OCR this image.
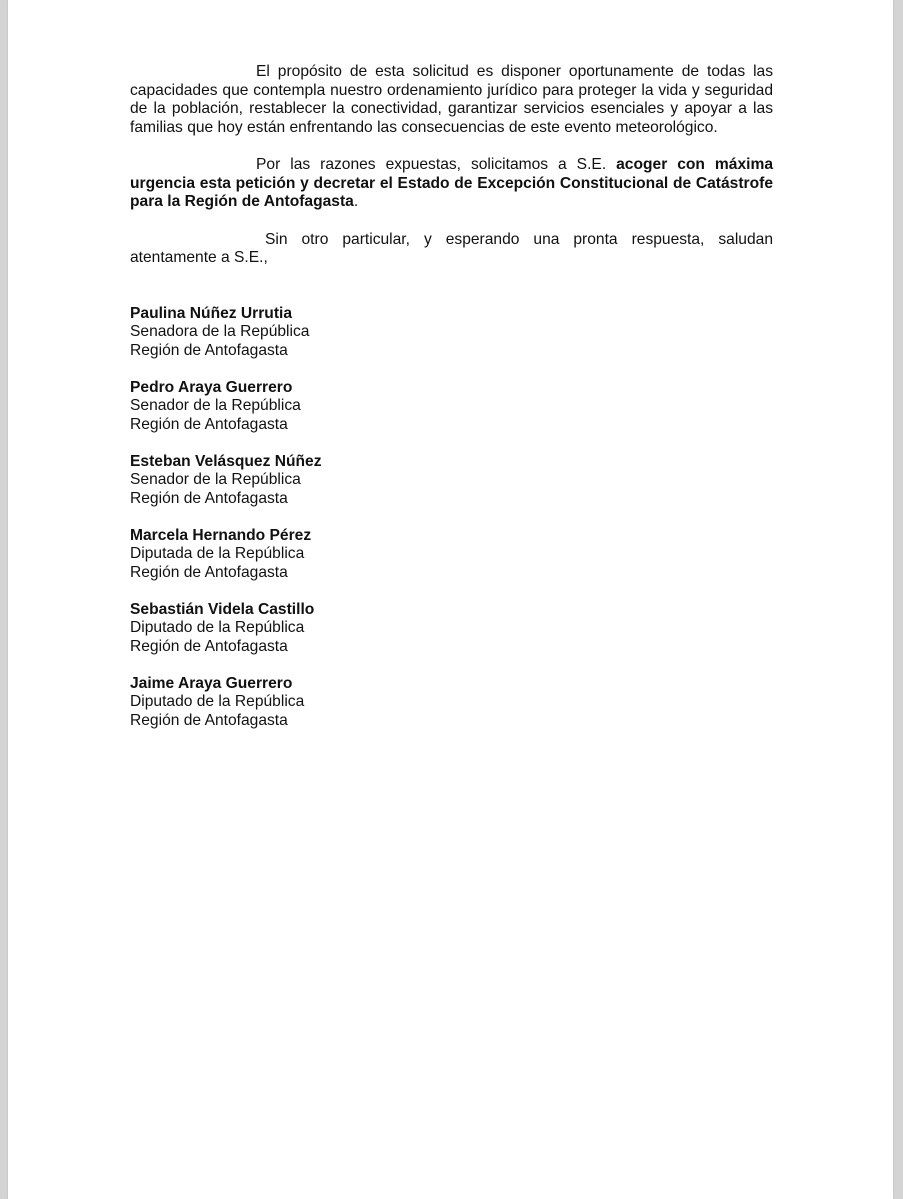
El propósito de esta solicitud es disponer oportunamente de todas las capacidades que contempla nuestro ordenamiento jurídico para proteger la vida y seguridad de la población, restablecer la conectividad, garantizar servicios esenciales y apoyar a las familias que hoy están enfrentando las consecuencias de este evento meteorológico.

Por las razones expuestas, solicitamos a S.E. acoger con máxima urgencia esta petición y decretar el Estado de Excepción Constitucional de Catástrofe para la Región de Antofagasta.

Sin otro particular, y esperando una pronta respuesta, saludan atentamente a S.E.,

Paulina Núñez Urrutia
Senadora de la República
Región de Antofagasta
Pedro Araya Guerrero
Senador de la República
Región de Antofagasta
Esteban Velásquez Núñez
Senador de la República
Región de Antofagasta
Marcela Hernando Pérez
Diputada de la República
Región de Antofagasta
Sebastián Videla Castillo
Diputado de la República
Región de Antofagasta
Jaime Araya Guerrero
Diputado de la República
Región de Antofagasta
